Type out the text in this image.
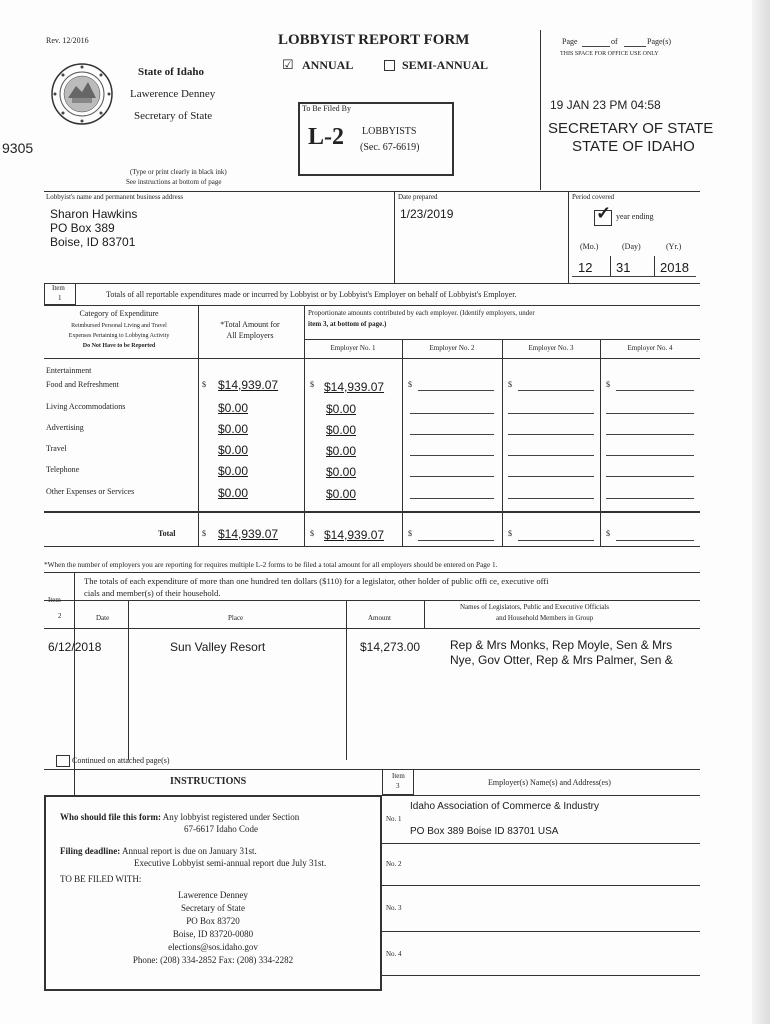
Rev. 12/2016	LOBBYIST REPORT FORM
☑ ANNUAL	SEMI-ANNUAL
Page	of	Page(s)
THIS SPACE FOR OFFICE USE ONLY
State of Idaho
Lawerence Denney
Secretary of State
To Be Filed By
L-2 LOBBYISTS
(Sec. 67-6619)
19 JAN 23 PM 04:58
SECRETARY OF STATE
STATE OF IDAHO
9305
(Type or print clearly in black ink)
See instructions at bottom of page
Lobbyist's name and permanent business address
Sharon Hawkins
PO Box 389
Boise, ID 83701
Date prepared
1/23/2019
Period covered
✓ year ending
(Mo.)	(Day)	(Yr.)
12 31 2018
Item
1	Totals of all reportable expenditures made or incurred by Lobbyist or by Lobbyist's Employer on behalf of Lobbyist's Employer.
Category of Expenditure
Reimbursed Personal Living and Travel
Expenses Pertaining to Lobbying Activity
Do Not Have to be Reported
*Total Amount for
All Employers
Proportionate amounts contributed by each employer. (Identify employers, under
item 3, at bottom of page.)
Employer No. 1	Employer No. 2	Employer No. 3	Employer No. 4
Entertainment
Food and Refreshment	$ $14,939.07	$ $14,939.07	$	$	$
Living Accommodations	$0.00	$0.00
Advertising	$0.00	$0.00
Travel	$0.00	$0.00
Telephone	$0.00	$0.00
Other Expenses or Services	$0.00	$0.00
Total	$ $14,939.07	$ $14,939.07	$	$	$
*When the number of employers you are reporting for requires multiple L-2 forms to be filed a total amount for all employers should be entered on Page 1.
Item
2
The totals of each expenditure of more than one hundred ten dollars ($110) for a legislator, other holder of public offi ce, executive offi
cials and member(s) of their household.
Date	Place	Amount
Names of Legislators, Public and Executive Officials
and Household Members in Group
6/12/2018	Sun Valley Resort	$14,273.00 Rep & Mrs Monks, Rep Moyle, Sen & Mrs
Nye, Gov Otter, Rep & Mrs Palmer, Sen &
Continued on attached page(s)
INSTRUCTIONS
Who should file this form: Any lobbyist registered under Section
67-6617 Idaho Code
Filing deadline: Annual report is due on January 31st.
Executive Lobbyist semi-annual report due July 31st.
TO BE FILED WITH:
Lawerence Denney
Secretary of State
PO Box 83720
Boise, ID 83720-0080
elections@sos.idaho.gov
Phone: (208) 334-2852 Fax: (208) 334-2282
Item
3	Employer(s) Name(s) and Address(es)
Idaho Association of Commerce & Industry
No. 1
PO Box 389 Boise ID 83701 USA
No. 2
No. 3
No. 4
